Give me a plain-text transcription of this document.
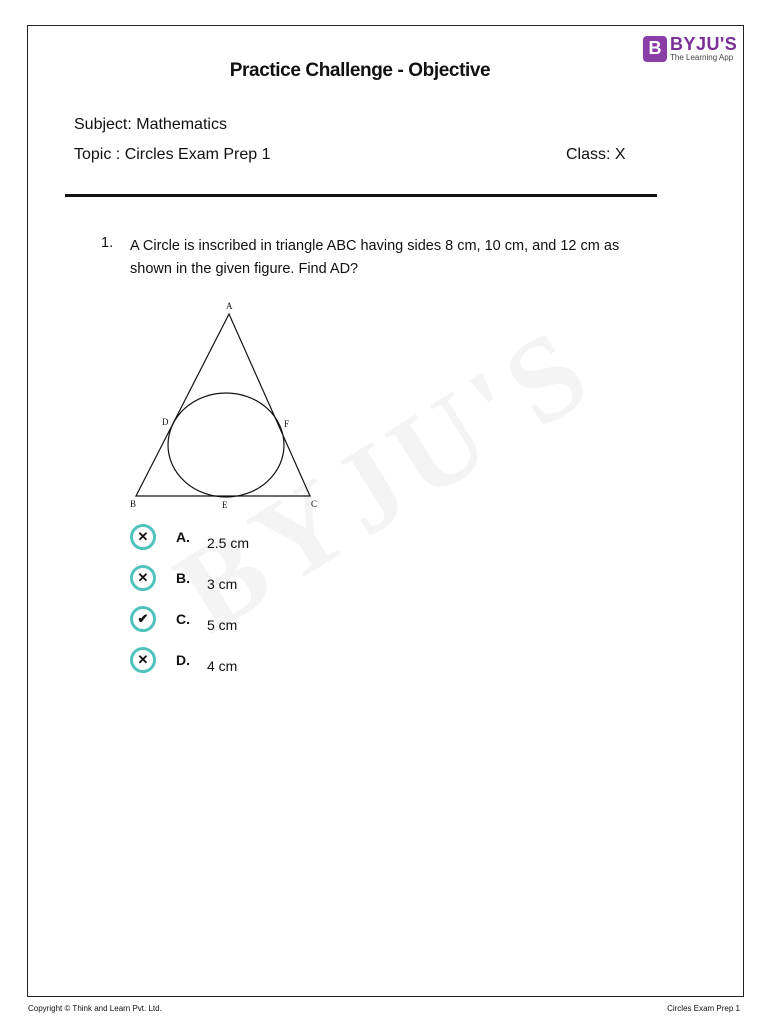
B BYJU'S
The Learning App
Practice Challenge - Objective
Subject: Mathematics
Topic : Circles Exam Prep 1	Class: X
1. A Circle is inscribed in triangle ABC having sides 8 cm, 10 cm, and 12 cm as shown in the given figure. Find AD?
A
D	F
B	E	C
✕	A. 2.5 cm
✕	B. 3 cm
✔	C. 5 cm
✕	D. 4 cm
Copyright © Think and Learn Pvt. Ltd.	Circles Exam Prep 1
